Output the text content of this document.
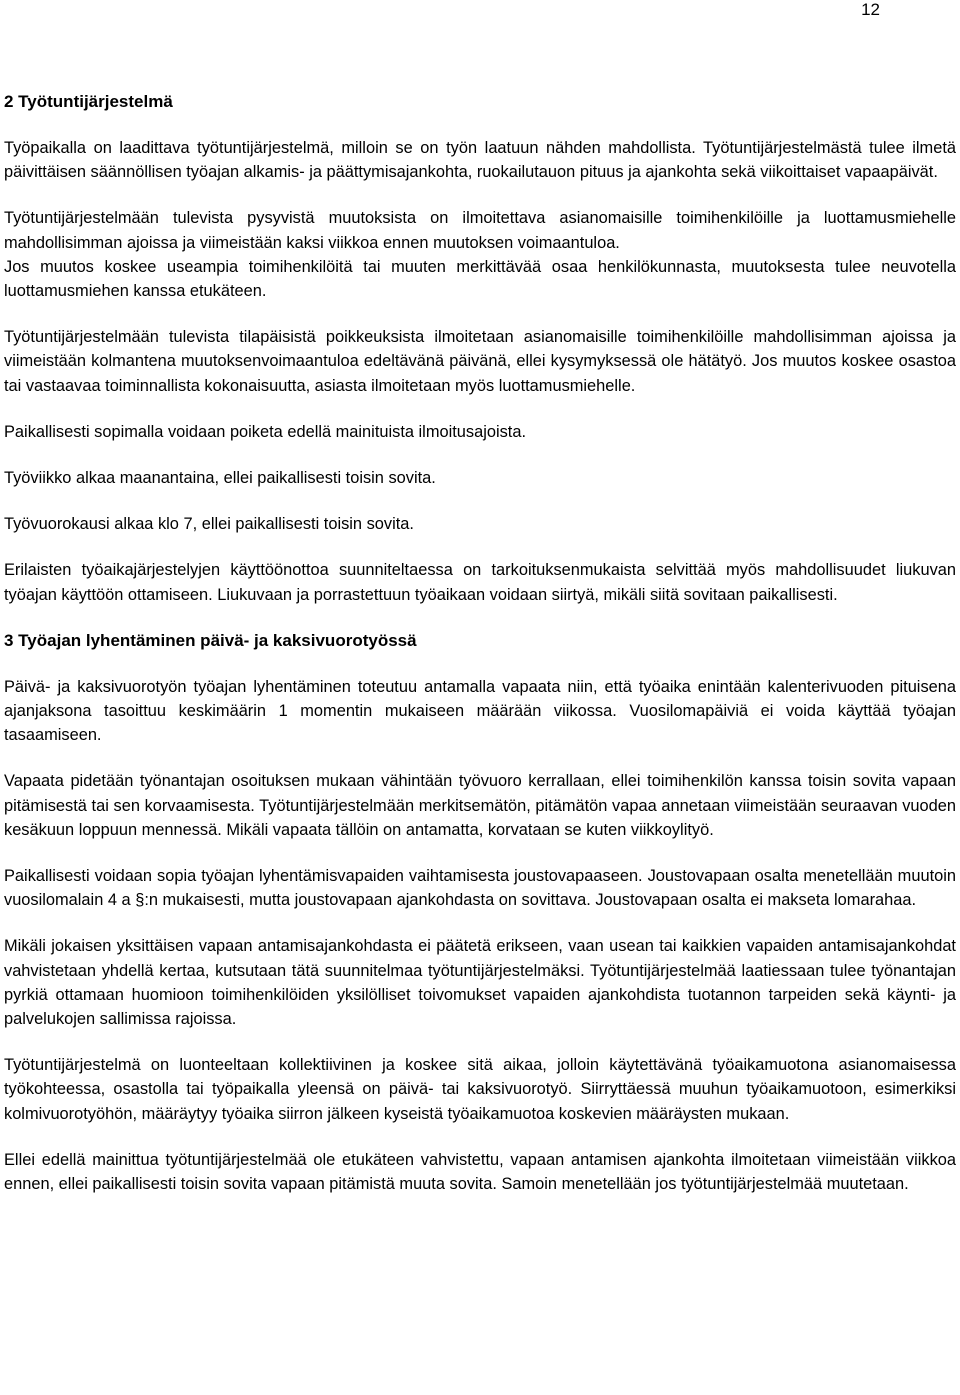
12
2 Työtuntijärjestelmä

Työpaikalla on laadittava työtuntijärjestelmä, milloin se on työn laatuun nähden mahdollista. Työtuntijärjestelmästä tulee ilmetä päivittäisen säännöllisen työajan alkamis- ja päättymisajankohta, ruokailutauon pituus ja ajankohta sekä viikoittaiset vapaapäivät.

Työtuntijärjestelmään tulevista pysyvistä muutoksista on ilmoitettava asianomaisille toimihenkilöille ja luottamusmiehelle mahdollisimman ajoissa ja viimeistään kaksi viikkoa ennen muutoksen voimaantuloa.

Jos muutos koskee useampia toimihenkilöitä tai muuten merkittävää osaa henkilökunnasta, muutoksesta tulee neuvotella luottamusmiehen kanssa etukäteen.

Työtuntijärjestelmään tulevista tilapäisistä poikkeuksista ilmoitetaan asianomaisille toimihenkilöille mahdollisimman ajoissa ja viimeistään kolmantena muutoksenvoimaantuloa edeltävänä päivänä, ellei kysymyksessä ole hätätyö. Jos muutos koskee osastoa tai vastaavaa toiminnallista kokonaisuutta, asiasta ilmoitetaan myös luottamusmiehelle.

Paikallisesti sopimalla voidaan poiketa edellä mainituista ilmoitusajoista.

Työviikko alkaa maanantaina, ellei paikallisesti toisin sovita.

Työvuorokausi alkaa klo 7, ellei paikallisesti toisin sovita.

Erilaisten työaikajärjestelyjen käyttöönottoa suunniteltaessa on tarkoituksenmukaista selvittää myös mahdollisuudet liukuvan työajan käyttöön ottamiseen. Liukuvaan ja porrastettuun työaikaan voidaan siirtyä, mikäli siitä sovitaan paikallisesti.

3 Työajan lyhentäminen päivä- ja kaksivuorotyössä

Päivä- ja kaksivuorotyön työajan lyhentäminen toteutuu antamalla vapaata niin, että työaika enintään kalenterivuoden pituisena ajanjaksona tasoittuu keskimäärin 1 momentin mukaiseen määrään viikossa. Vuosilomapäiviä ei voida käyttää työajan tasaamiseen.

Vapaata pidetään työnantajan osoituksen mukaan vähintään työvuoro kerrallaan, ellei toimihenkilön kanssa toisin sovita vapaan pitämisestä tai sen korvaamisesta. Työtuntijärjestelmään merkitsemätön, pitämätön vapaa annetaan viimeistään seuraavan vuoden kesäkuun loppuun mennessä. Mikäli vapaata tällöin on antamatta, korvataan se kuten viikkoylityö.

Paikallisesti voidaan sopia työajan lyhentämisvapaiden vaihtamisesta joustovapaaseen. Joustovapaan osalta menetellään muutoin vuosilomalain 4 a §:n mukaisesti, mutta joustovapaan ajankohdasta on sovittava. Joustovapaan osalta ei makseta lomarahaa.

Mikäli jokaisen yksittäisen vapaan antamisajankohdasta ei päätetä erikseen, vaan usean tai kaikkien vapaiden antamisajankohdat vahvistetaan yhdellä kertaa, kutsutaan tätä suunnitelmaa työtuntijärjestelmäksi. Työtuntijärjestelmää laatiessaan tulee työnantajan pyrkiä ottamaan huomioon toimihenkilöiden yksilölliset toivomukset vapaiden ajankohdista tuotannon tarpeiden sekä käynti- ja palvelukojen sallimissa rajoissa.

Työtuntijärjestelmä on luonteeltaan kollektiivinen ja koskee sitä aikaa, jolloin käytettävänä työaikamuotona asianomaisessa työkohteessa, osastolla tai työpaikalla yleensä on päivä- tai kaksivuorotyö. Siirryttäessä muuhun työaikamuotoon, esimerkiksi kolmivuorotyöhön, määräytyy työaika siirron jälkeen kyseistä työaikamuotoa koskevien määräysten mukaan.

Ellei edellä mainittua työtuntijärjestelmää ole etukäteen vahvistettu, vapaan antamisen ajankohta ilmoitetaan viimeistään viikkoa ennen, ellei paikallisesti toisin sovita vapaan pitämistä muuta sovita. Samoin menetellään jos työtuntijärjestelmää muutetaan.
